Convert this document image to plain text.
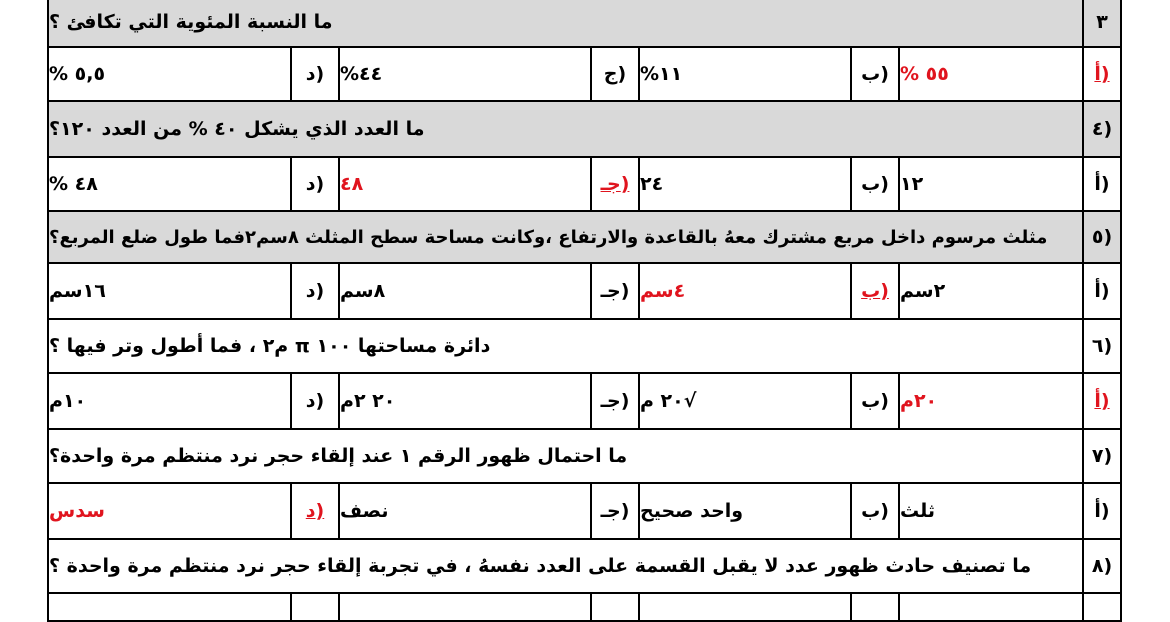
ما النسبة المئوية التي تكافئ ؟	٣
٥,٥ %	د) ٤٤%	ج) ١١%	ب) ٥٥ %	أ)
ما العدد الذي يشكل ٤٠ % من العدد ١٢٠؟	٤)
٤٨ %	د) ٤٨	جـ) ٢٤	ب) ١٢	أ)
مثلث مرسوم داخل مربع مشترك معهُ بالقاعدة والارتفاع ،وكانت مساحة سطح المثلث ٨سم٢فما طول ضلع المربع؟ ٥)
١٦سم	د) ٨سم	جـ) ٤سم	ب) ٢سم	أ)
دائرة مساحتها ١٠٠ π م٢ ، فما أطول وتر فيها ؟	٦)
١٠م	د) ٢٠ ٢م	جـ) √٢٠ م	ب) ٢٠م	أ)
ما احتمال ظهور الرقم ١ عند إلقاء حجر نرد منتظم مرة واحدة؟	٧)
سدس	د) نصف	جـ) واحد صحيح	ب) ثلث	أ)
ما تصنيف حادث ظهور عدد لا يقبل القسمة على العدد نفسهُ ، في تجربة إلقاء حجر نرد منتظم مرة واحدة ؟	٨)
